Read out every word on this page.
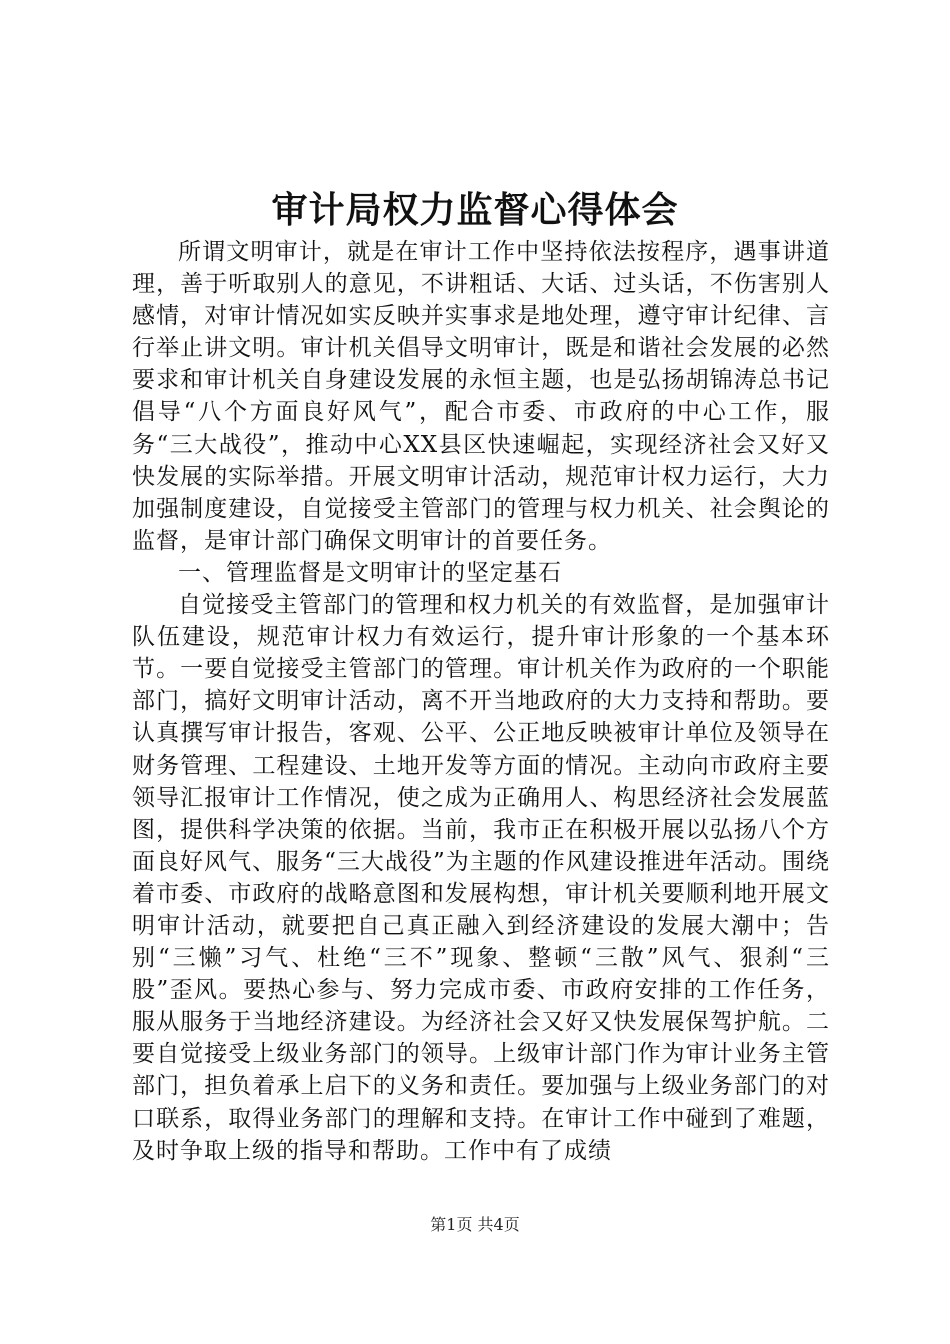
审计局权力监督心得体会

所谓文明审计，就是在审计工作中坚持依法按程序，遇事讲道理，善于听取别人的意见，不讲粗话、大话、过头话，不伤害别人感情，对审计情况如实反映并实事求是地处理，遵守审计纪律、言行举止讲文明。审计机关倡导文明审计，既是和谐社会发展的必然要求和审计机关自身建设发展的永恒主题，也是弘扬胡锦涛总书记倡导“八个方面良好风气”，配合市委、市政府的中心工作，服务“三大战役”，推动中心XX县区快速崛起，实现经济社会又好又快发展的实际举措。开展文明审计活动，规范审计权力运行，大力加强制度建设，自觉接受主管部门的管理与权力机关、社会舆论的监督，是审计部门确保文明审计的首要任务。

一、管理监督是文明审计的坚定基石

自觉接受主管部门的管理和权力机关的有效监督，是加强审计队伍建设，规范审计权力有效运行，提升审计形象的一个基本环节。一要自觉接受主管部门的管理。审计机关作为政府的一个职能部门，搞好文明审计活动，离不开当地政府的大力支持和帮助。要认真撰写审计报告，客观、公平、公正地反映被审计单位及领导在财务管理、工程建设、土地开发等方面的情况。主动向市政府主要领导汇报审计工作情况，使之成为正确用人、构思经济社会发展蓝图，提供科学决策的依据。当前，我市正在积极开展以弘扬八个方面良好风气、服务“三大战役”为主题的作风建设推进年活动。围绕着市委、市政府的战略意图和发展构想，审计机关要顺利地开展文明审计活动，就要把自己真正融入到经济建设的发展大潮中；告别“三懒”习气、杜绝“三不”现象、整顿“三散”风气、狠刹“三股”歪风。要热心参与、努力完成市委、市政府安排的工作任务，服从服务于当地经济建设。为经济社会又好又快发展保驾护航。二要自觉接受上级业务部门的领导。上级审计部门作为审计业务主管部门，担负着承上启下的义务和责任。要加强与上级业务部门的对口联系，取得业务部门的理解和支持。在审计工作中碰到了难题，及时争取上级的指导和帮助。工作中有了成绩

第1页 共4页
